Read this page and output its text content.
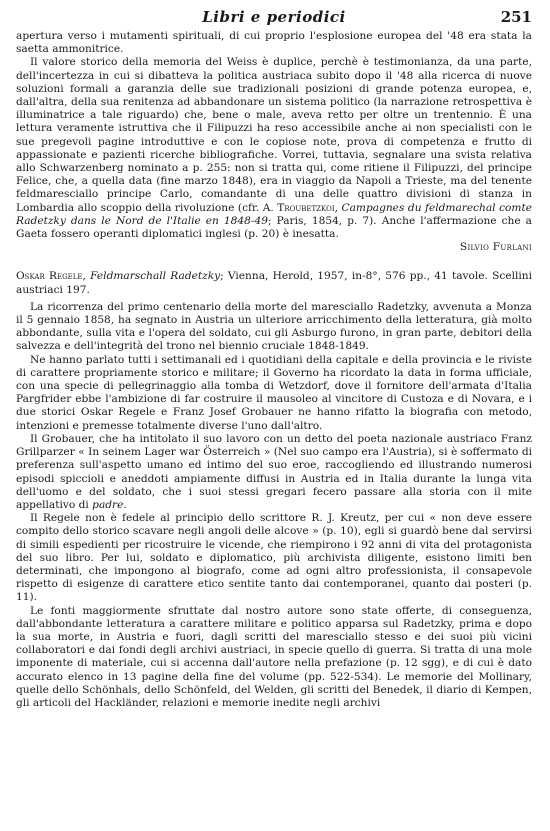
Libri e periodici	251

apertura verso i mutamenti spirituali, di cui proprio l'esplosione europea del '48 era stata la saetta ammonitrice.

Il valore storico della memoria del Weiss è duplice, perchè è testimonianza, da una parte, dell'incertezza in cui si dibatteva la politica austriaca subito dopo il '48 alla ricerca di nuove soluzioni formali a garanzia delle sue tradizionali posizioni di grande potenza europea, e, dall'altra, della sua renitenza ad abbandonare un sistema politico (la narrazione retrospettiva è illuminatrice a tale riguardo) che, bene o male, aveva retto per oltre un trentennio. È una lettura veramente istruttiva che il Filipuzzi ha reso accessibile anche ai non specialisti con le sue pregevoli pagine introduttive e con le copiose note, prova di competenza e frutto di appassionate e pazienti ricerche bibliografiche. Vorrei, tuttavia, segnalare una svista relativa allo Schwarzenberg nominato a p. 255: non si tratta qui, come ritiene il Filipuzzi, del principe Felice, che, a quella data (fine marzo 1848), era in viaggio da Napoli a Trieste, ma del tenente feldmaresciallo principe Carlo, comandante di una delle quattro divisioni di stanza in Lombardia allo scoppio della rivoluzione (cfr. A. Troubetzkoi, Campagnes du feldmarechal comte Radetzky dans le Nord de l'Italie en 1848-49; Paris, 1854, p. 7). Anche l'affermazione che a Gaeta fossero operanti diplomatici inglesi (p. 20) è inesatta.

Silvio Furlani

Oskar Regele, Feldmarschall Radetzky; Vienna, Herold, 1957, in-8°, 576 pp., 41 tavole. Scellini austriaci 197.

La ricorrenza del primo centenario della morte del maresciallo Radetzky, avvenuta a Monza il 5 gennaio 1858, ha segnato in Austria un ulteriore arricchimento della letteratura, già molto abbondante, sulla vita e l'opera del soldato, cui gli Asburgo furono, in gran parte, debitori della salvezza e dell'integrità del trono nel biennio cruciale 1848-1849.

Ne hanno parlato tutti i settimanali ed i quotidiani della capitale e della provincia e le riviste di carattere propriamente storico e militare; il Governo ha ricordato la data in forma ufficiale, con una specie di pellegrinaggio alla tomba di Wetzdorf, dove il fornitore dell'armata d'Italia Pargfrider ebbe l'ambizione di far costruire il mausoleo al vincitore di Custoza e di Novara, e i due storici Oskar Regele e Franz Josef Grobauer ne hanno rifatto la biografia con metodo, intenzioni e premesse totalmente diverse l'uno dall'altro.

Il Grobauer, che ha intitolato il suo lavoro con un detto del poeta nazionale austriaco Franz Grillparzer « In seinem Lager war Österreich » (Nel suo campo era l'Austria), si è soffermato di preferenza sull'aspetto umano ed intimo del suo eroe, raccogliendo ed illustrando numerosi episodi spiccioli e aneddoti ampiamente diffusi in Austria ed in Italia durante la lunga vita dell'uomo e del soldato, che i suoi stessi gregari fecero passare alla storia con il mite appellativo di padre.

Il Regele non è fedele al principio dello scrittore R. J. Kreutz, per cui « non deve essere compito dello storico scavare negli angoli delle alcove » (p. 10), egli si guardò bene dal servirsi di simili espedienti per ricostruire le vicende, che riempirono i 92 anni di vita del protagonista del suo libro. Per lui, soldato e diplomatico, più archivista diligente, esistono limiti ben determinati, che impongono al biografo, come ad ogni altro professionista, il consapevole rispetto di esigenze di carattere etico sentite tanto dai contemporanei, quanto dai posteri (p. 11).

Le fonti maggiormente sfruttate dal nostro autore sono state offerte, di conseguenza, dall'abbondante letteratura a carattere militare e politico apparsa sul Radetzky, prima e dopo la sua morte, in Austria e fuori, dagli scritti del maresciallo stesso e dei suoi più vicini collaboratori e dai fondi degli archivi austriaci, in specie quello di guerra. Si tratta di una mole imponente di materiale, cui si accenna dall'autore nella prefazione (p. 12 sgg), e di cui è dato accurato elenco in 13 pagine della fine del volume (pp. 522-534). Le memorie del Mollinary, quelle dello Schönhals, dello Schönfeld, del Welden, gli scritti del Benedek, il diario di Kempen, gli articoli del Hackländer, relazioni e memorie inedite negli archivi
